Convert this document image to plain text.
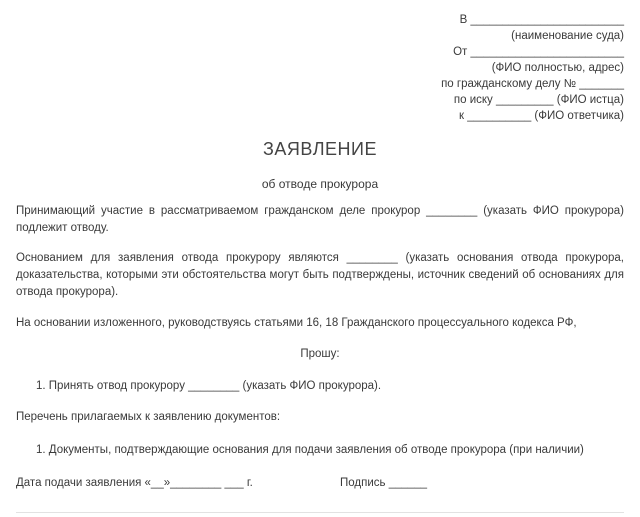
В ________________________
(наименование суда)
От ________________________
(ФИО полностью, адрес)
по гражданскому делу № _______
по иску _________ (ФИО истца)
к __________ (ФИО ответчика)
ЗАЯВЛЕНИЕ
об отводе прокурора
Принимающий участие в рассматриваемом гражданском деле прокурор ________ (указать ФИО прокурора) подлежит отводу.
Основанием для заявления отвода прокурору являются ________ (указать основания отвода прокурора, доказательства, которыми эти обстоятельства могут быть подтверждены, источник сведений об основаниях для отвода прокурора).
На основании изложенного, руководствуясь статьями 16, 18 Гражданского процессуального кодекса РФ,
Прошу:
1. Принять отвод прокурору ________ (указать ФИО прокурора).
Перечень прилагаемых к заявлению документов:
1. Документы, подтверждающие основания для подачи заявления об отводе прокурора (при наличии)
Дата подачи заявления «__»________ ___ г.	Подпись ______
